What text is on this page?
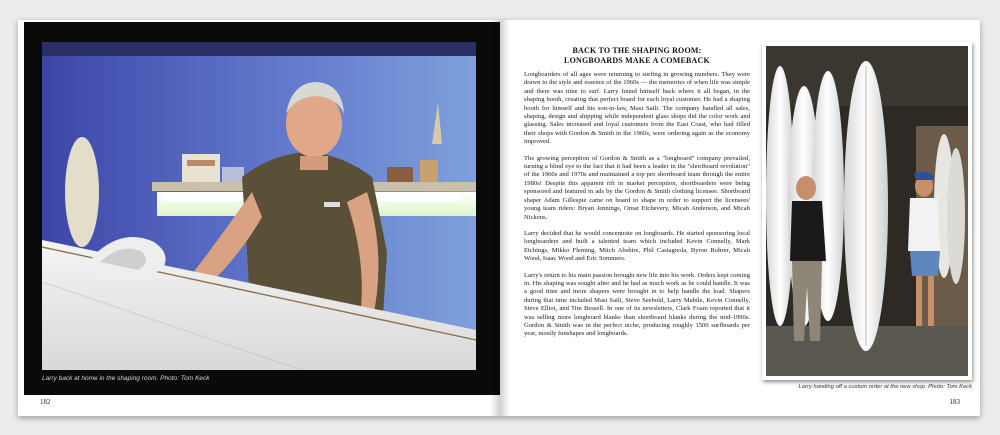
Larry back at home in the shaping room. Photo: Tom Keck
182
BACK TO THE SHAPING ROOM:
LONGBOARDS MAKE A COMEBACK

Longboarders of all ages were returning to surfing in growing numbers. They were drawn to the style and essence of the 1960s — the memories of when life was simple and there was time to surf. Larry found himself back where it all began, in the shaping booth, creating that perfect board for each loyal customer. He had a shaping booth for himself and his son-in-law, Masi Saili. The company handled all sales, shaping, design and shipping while independent glass shops did the color work and glassing. Sales increased and loyal customers from the East Coast, who had filled their shops with Gordon & Smith in the 1960s, were ordering again as the economy improved.

The growing perception of Gordon & Smith as a "longboard" company prevailed, turning a blind eye to the fact that it had been a leader in the "shortboard revolution" of the 1960s and 1970s and maintained a top pro shortboard team through the entire 1980s! Despite this apparent rift in market perception, shortboarders were being sponsored and featured in ads by the Gordon & Smith clothing licensee. Shortboard shaper Adam Gillespie came on board to shape in order to support the licensees' young team riders: Bryan Jennings, Omar Etchevery, Micah Anderson, and Micah Nickens.

Larry decided that he would concentrate on longboards. He started sponsoring local longboarders and built a talented team which included Kevin Connelly, Mark Etchings, Mikko Fleming, Mitch Abshire, Phil Castagnola, Byron Rohrer, Micah Wood, Isaac Wood and Eric Sommers.

Larry's return to his main passion brought new life into his work. Orders kept coming in. His shaping was sought after and he had as much work as he could handle. It was a good time and more shapers were brought in to help handle the load. Shapers during that time included Masi Saili, Steve Seebold, Larry Mabile, Kevin Connelly, Steve Elliot, and Tim Bessell. In one of its newsletters, Clark Foam reported that it was selling more longboard blanks than shortboard blanks during the mid-1990s. Gordon & Smith was in the perfect niche, producing roughly 1500 surfboards per year, mostly funshapes and longboards.

Larry handing off a custom order at the new shop. Photo: Tom Keck
183
